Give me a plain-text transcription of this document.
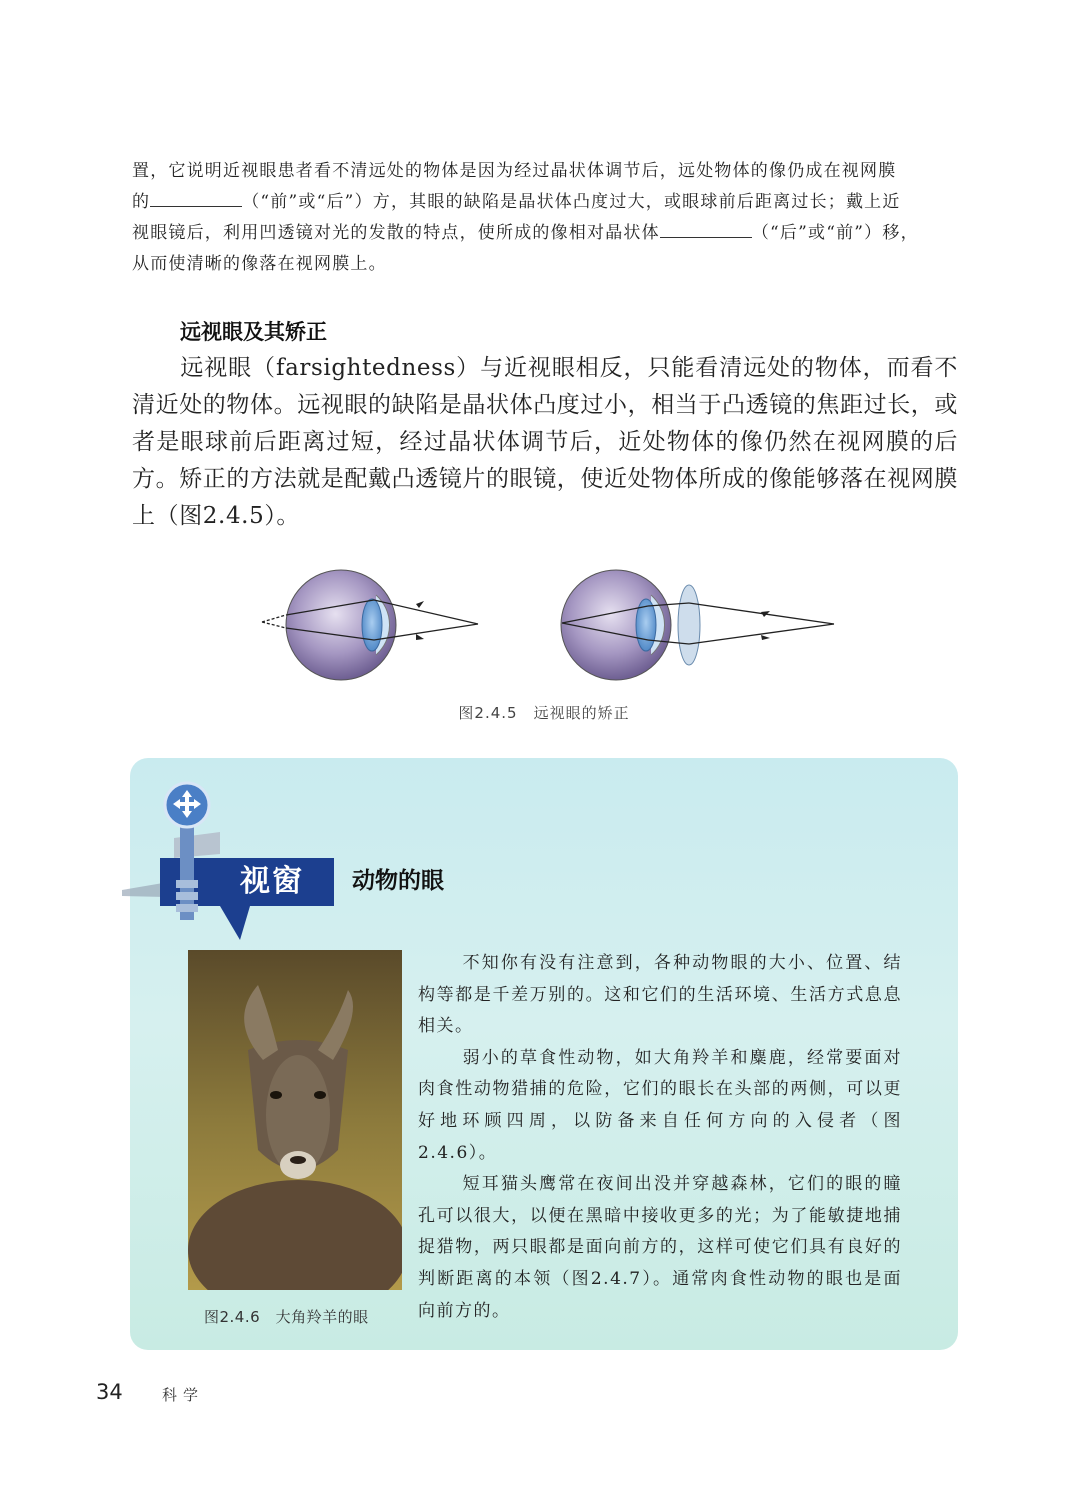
置，它说明近视眼患者看不清远处的物体是因为经过晶状体调节后，远处物体的像仍成在视网膜
的	（“前”或“后”）方，其眼的缺陷是晶状体凸度过大，或眼球前后距离过长；戴上近
视眼镜后，利用凹透镜对光的发散的特点，使所成的像相对晶状体	（“后”或“前”）移，
从而使清晰的像落在视网膜上。
远视眼及其矫正
远视眼（farsightedness）与近视眼相反，只能看清远处的物体，而看不清近处的物体。远视眼的缺陷是晶状体凸度过小，相当于凸透镜的焦距过长，或者是眼球前后距离过短，经过晶状体调节后，近处物体的像仍然在视网膜的后方。矫正的方法就是配戴凸透镜片的眼镜，使近处物体所成的像能够落在视网膜上（图2.4.5）。
图2.4.5　远视眼的矫正
视窗 动物的眼
图2.4.6　大角羚羊的眼

不知你有没有注意到，各种动物眼的大小、位置、结构等都是千差万别的。这和它们的生活环境、生活方式息息相关。

弱小的草食性动物，如大角羚羊和麋鹿，经常要面对肉食性动物猎捕的危险，它们的眼长在头部的两侧，可以更好地环顾四周，以防备来自任何方向的入侵者（图2.4.6）。

短耳猫头鹰常在夜间出没并穿越森林，它们的眼的瞳孔可以很大，以便在黑暗中接收更多的光；为了能敏捷地捕捉猎物，两只眼都是面向前方的，这样可使它们具有良好的判断距离的本领（图2.4.7）。通常肉食性动物的眼也是面向前方的。

34	科学
